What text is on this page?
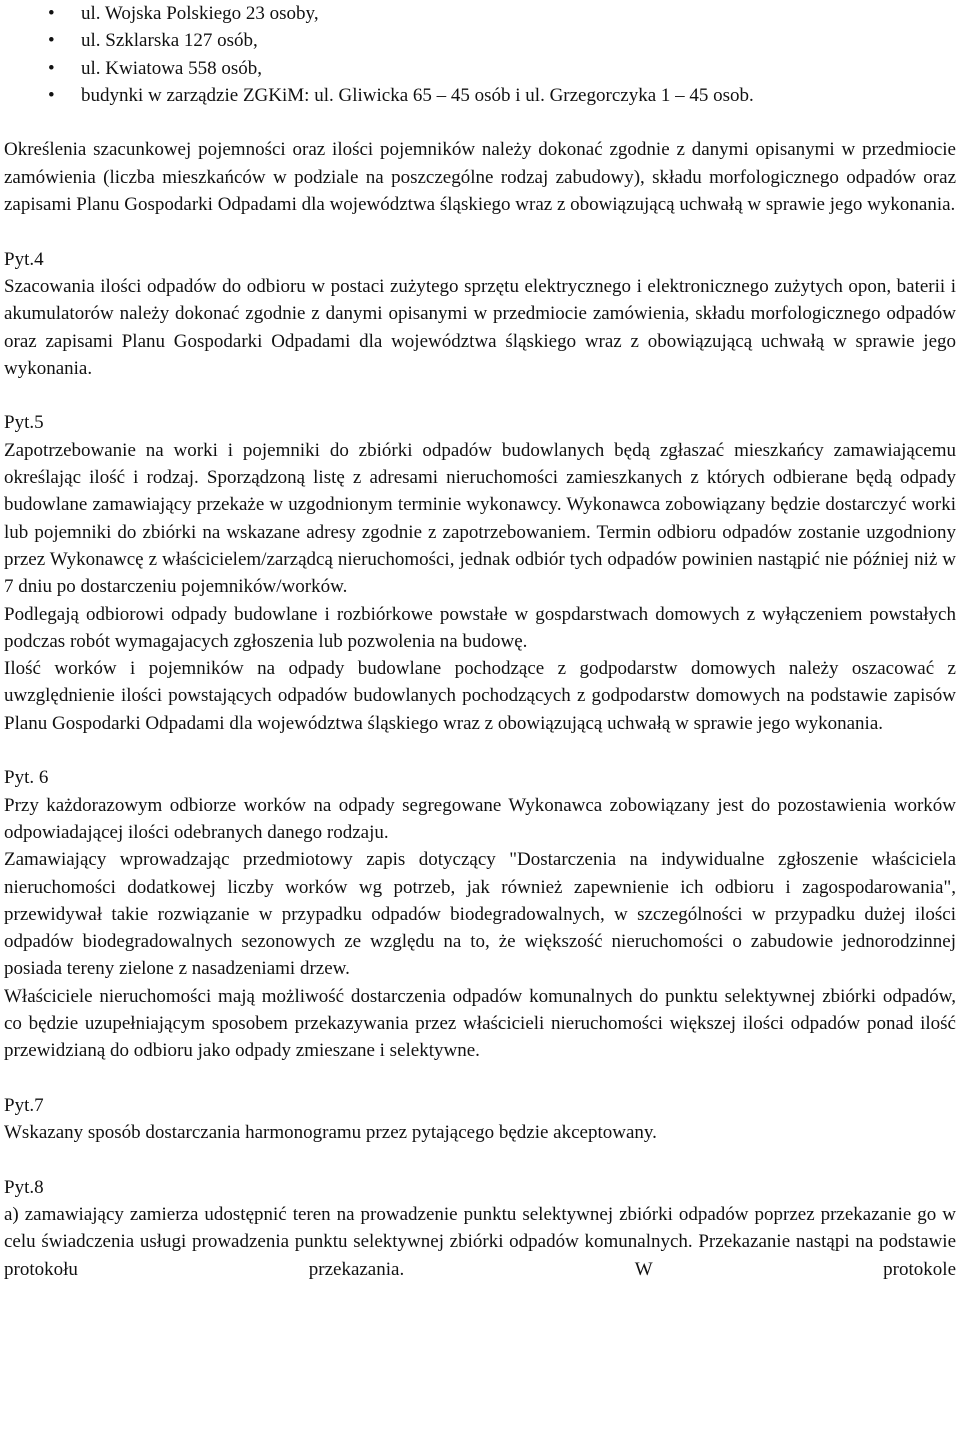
• ul. Wojska Polskiego 23 osoby,
• ul. Szklarska 127 osób,
• ul. Kwiatowa 558 osób,
• budynki w zarządzie ZGKiM: ul. Gliwicka 65 – 45 osób i ul. Grzegorczyka 1 – 45 osob.

Określenia szacunkowej pojemności oraz ilości pojemników należy dokonać zgodnie z danymi opisanymi w przedmiocie zamówienia (liczba mieszkańców w podziale na poszczególne rodzaj zabudowy), składu morfologicznego odpadów oraz zapisami Planu Gospodarki Odpadami dla województwa śląskiego wraz z obowiązującą uchwałą w sprawie jego wykonania.

Pyt.4

Szacowania ilości odpadów do odbioru w postaci zużytego sprzętu elektrycznego i elektronicznego zużytych opon, baterii i akumulatorów należy dokonać zgodnie z danymi opisanymi w przedmiocie zamówienia, składu morfologicznego odpadów oraz zapisami Planu Gospodarki Odpadami dla województwa śląskiego wraz z obowiązującą uchwałą w sprawie jego wykonania.

Pyt.5

Zapotrzebowanie na worki i pojemniki do zbiórki odpadów budowlanych będą zgłaszać mieszkańcy zamawiającemu określając ilość i rodzaj. Sporządzoną listę z adresami nieruchomości zamieszkanych z których odbierane będą odpady budowlane zamawiający przekaże w uzgodnionym terminie wykonawcy. Wykonawca zobowiązany będzie dostarczyć worki lub pojemniki do zbiórki na wskazane adresy zgodnie z zapotrzebowaniem. Termin odbioru odpadów zostanie uzgodniony przez Wykonawcę z właścicielem/zarządcą nieruchomości, jednak odbiór tych odpadów powinien nastąpić nie później niż w 7 dniu po dostarczeniu pojemników/worków.

Podlegają odbiorowi odpady budowlane i rozbiórkowe powstałe w gospdarstwach domowych z wyłączeniem powstałych podczas robót wymagajacych zgłoszenia lub pozwolenia na budowę.

Ilość worków i pojemników na odpady budowlane pochodzące z godpodarstw domowych należy oszacować z uwzględnienie ilości powstających odpadów budowlanych pochodzących z godpodarstw domowych na podstawie zapisów Planu Gospodarki Odpadami dla województwa śląskiego wraz z obowiązującą uchwałą w sprawie jego wykonania.

Pyt. 6

Przy każdorazowym odbiorze worków na odpady segregowane Wykonawca zobowiązany jest do pozostawienia worków odpowiadającej ilości odebranych danego rodzaju.

Zamawiający wprowadzając przedmiotowy zapis dotyczący "Dostarczenia na indywidualne zgłoszenie właściciela nieruchomości dodatkowej liczby worków wg potrzeb, jak również zapewnienie ich odbioru i zagospodarowania", przewidywał takie rozwiązanie w przypadku odpadów biodegradowalnych, w szczególności w przypadku dużej ilości odpadów biodegradowalnych sezonowych ze względu na to, że większość nieruchomości o zabudowie jednorodzinnej posiada tereny zielone z nasadzeniami drzew.

Właściciele nieruchomości mają możliwość dostarczenia odpadów komunalnych do punktu selektywnej zbiórki odpadów, co będzie uzupełniającym sposobem przekazywania przez właścicieli nieruchomości większej ilości odpadów ponad ilość przewidzianą do odbioru jako odpady zmieszane i selektywne.

Pyt.7

Wskazany sposób dostarczania harmonogramu przez pytającego będzie akceptowany.

Pyt.8

a) zamawiający zamierza udostępnić teren na prowadzenie punktu selektywnej zbiórki odpadów poprzez przekazanie go w celu świadczenia usługi prowadzenia punktu selektywnej zbiórki odpadów komunalnych. Przekazanie nastąpi na podstawie protokołu przekazania. W protokole
